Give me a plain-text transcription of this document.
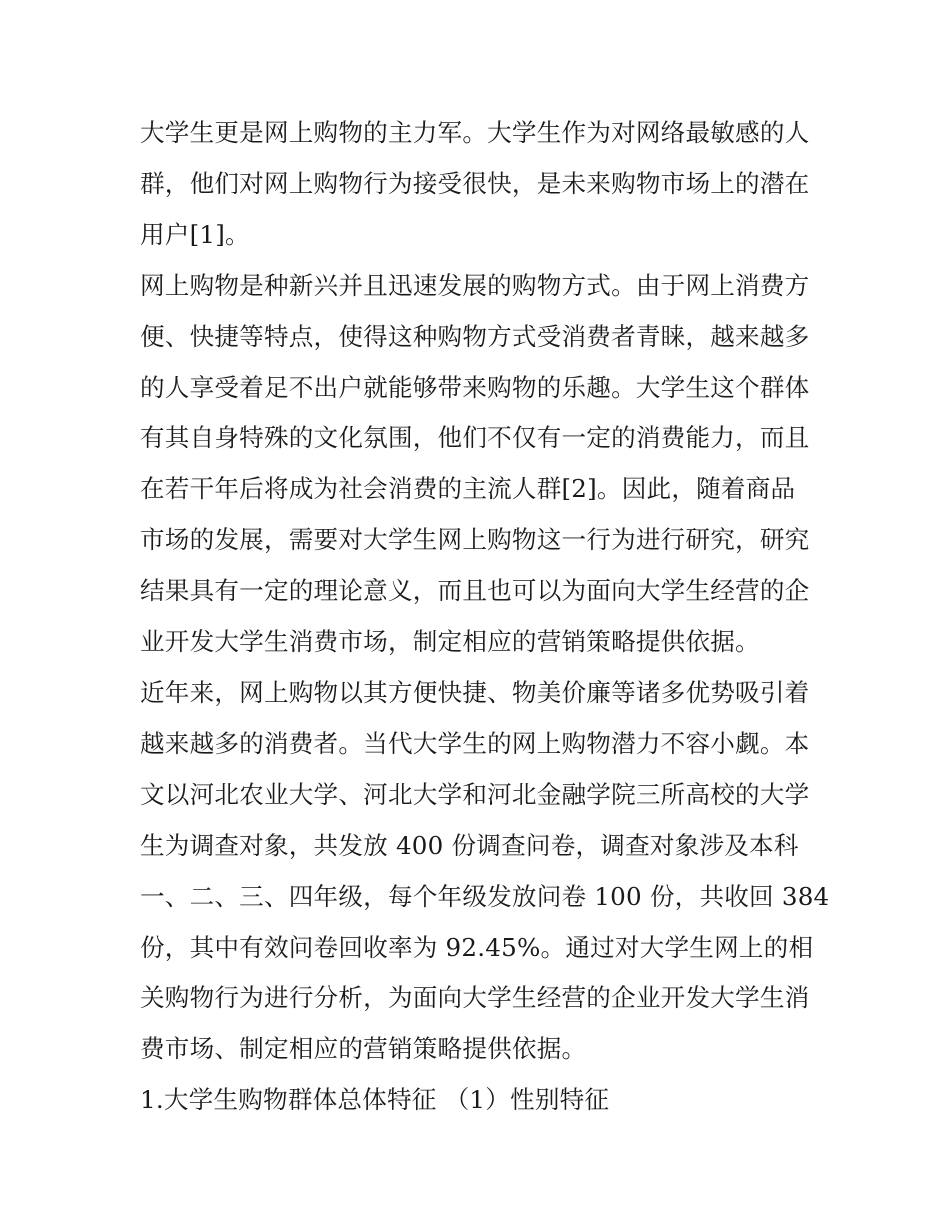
大学生更是网上购物的主力军。大学生作为对网络最敏感的人
群，他们对网上购物行为接受很快，是未来购物市场上的潜在
用户[1]。

网上购物是种新兴并且迅速发展的购物方式。由于网上消费方
便、快捷等特点，使得这种购物方式受消费者青睐，越来越多
的人享受着足不出户就能够带来购物的乐趣。大学生这个群体
有其自身特殊的文化氛围，他们不仅有一定的消费能力，而且
在若干年后将成为社会消费的主流人群[2]。因此，随着商品
市场的发展，需要对大学生网上购物这一行为进行研究，研究
结果具有一定的理论意义，而且也可以为面向大学生经营的企
业开发大学生消费市场，制定相应的营销策略提供依据。

近年来，网上购物以其方便快捷、物美价廉等诸多优势吸引着
越来越多的消费者。当代大学生的网上购物潜力不容小觑。本
文以河北农业大学、河北大学和河北金融学院三所高校的大学
生为调查对象，共发放 400 份调查问卷，调查对象涉及本科
一、二、三、四年级，每个年级发放问卷 100 份，共收回 384
份，其中有效问卷回收率为 92.45%。通过对大学生网上的相
关购物行为进行分析，为面向大学生经营的企业开发大学生消
费市场、制定相应的营销策略提供依据。

1.大学生购物群体总体特征 （1）性别特征
